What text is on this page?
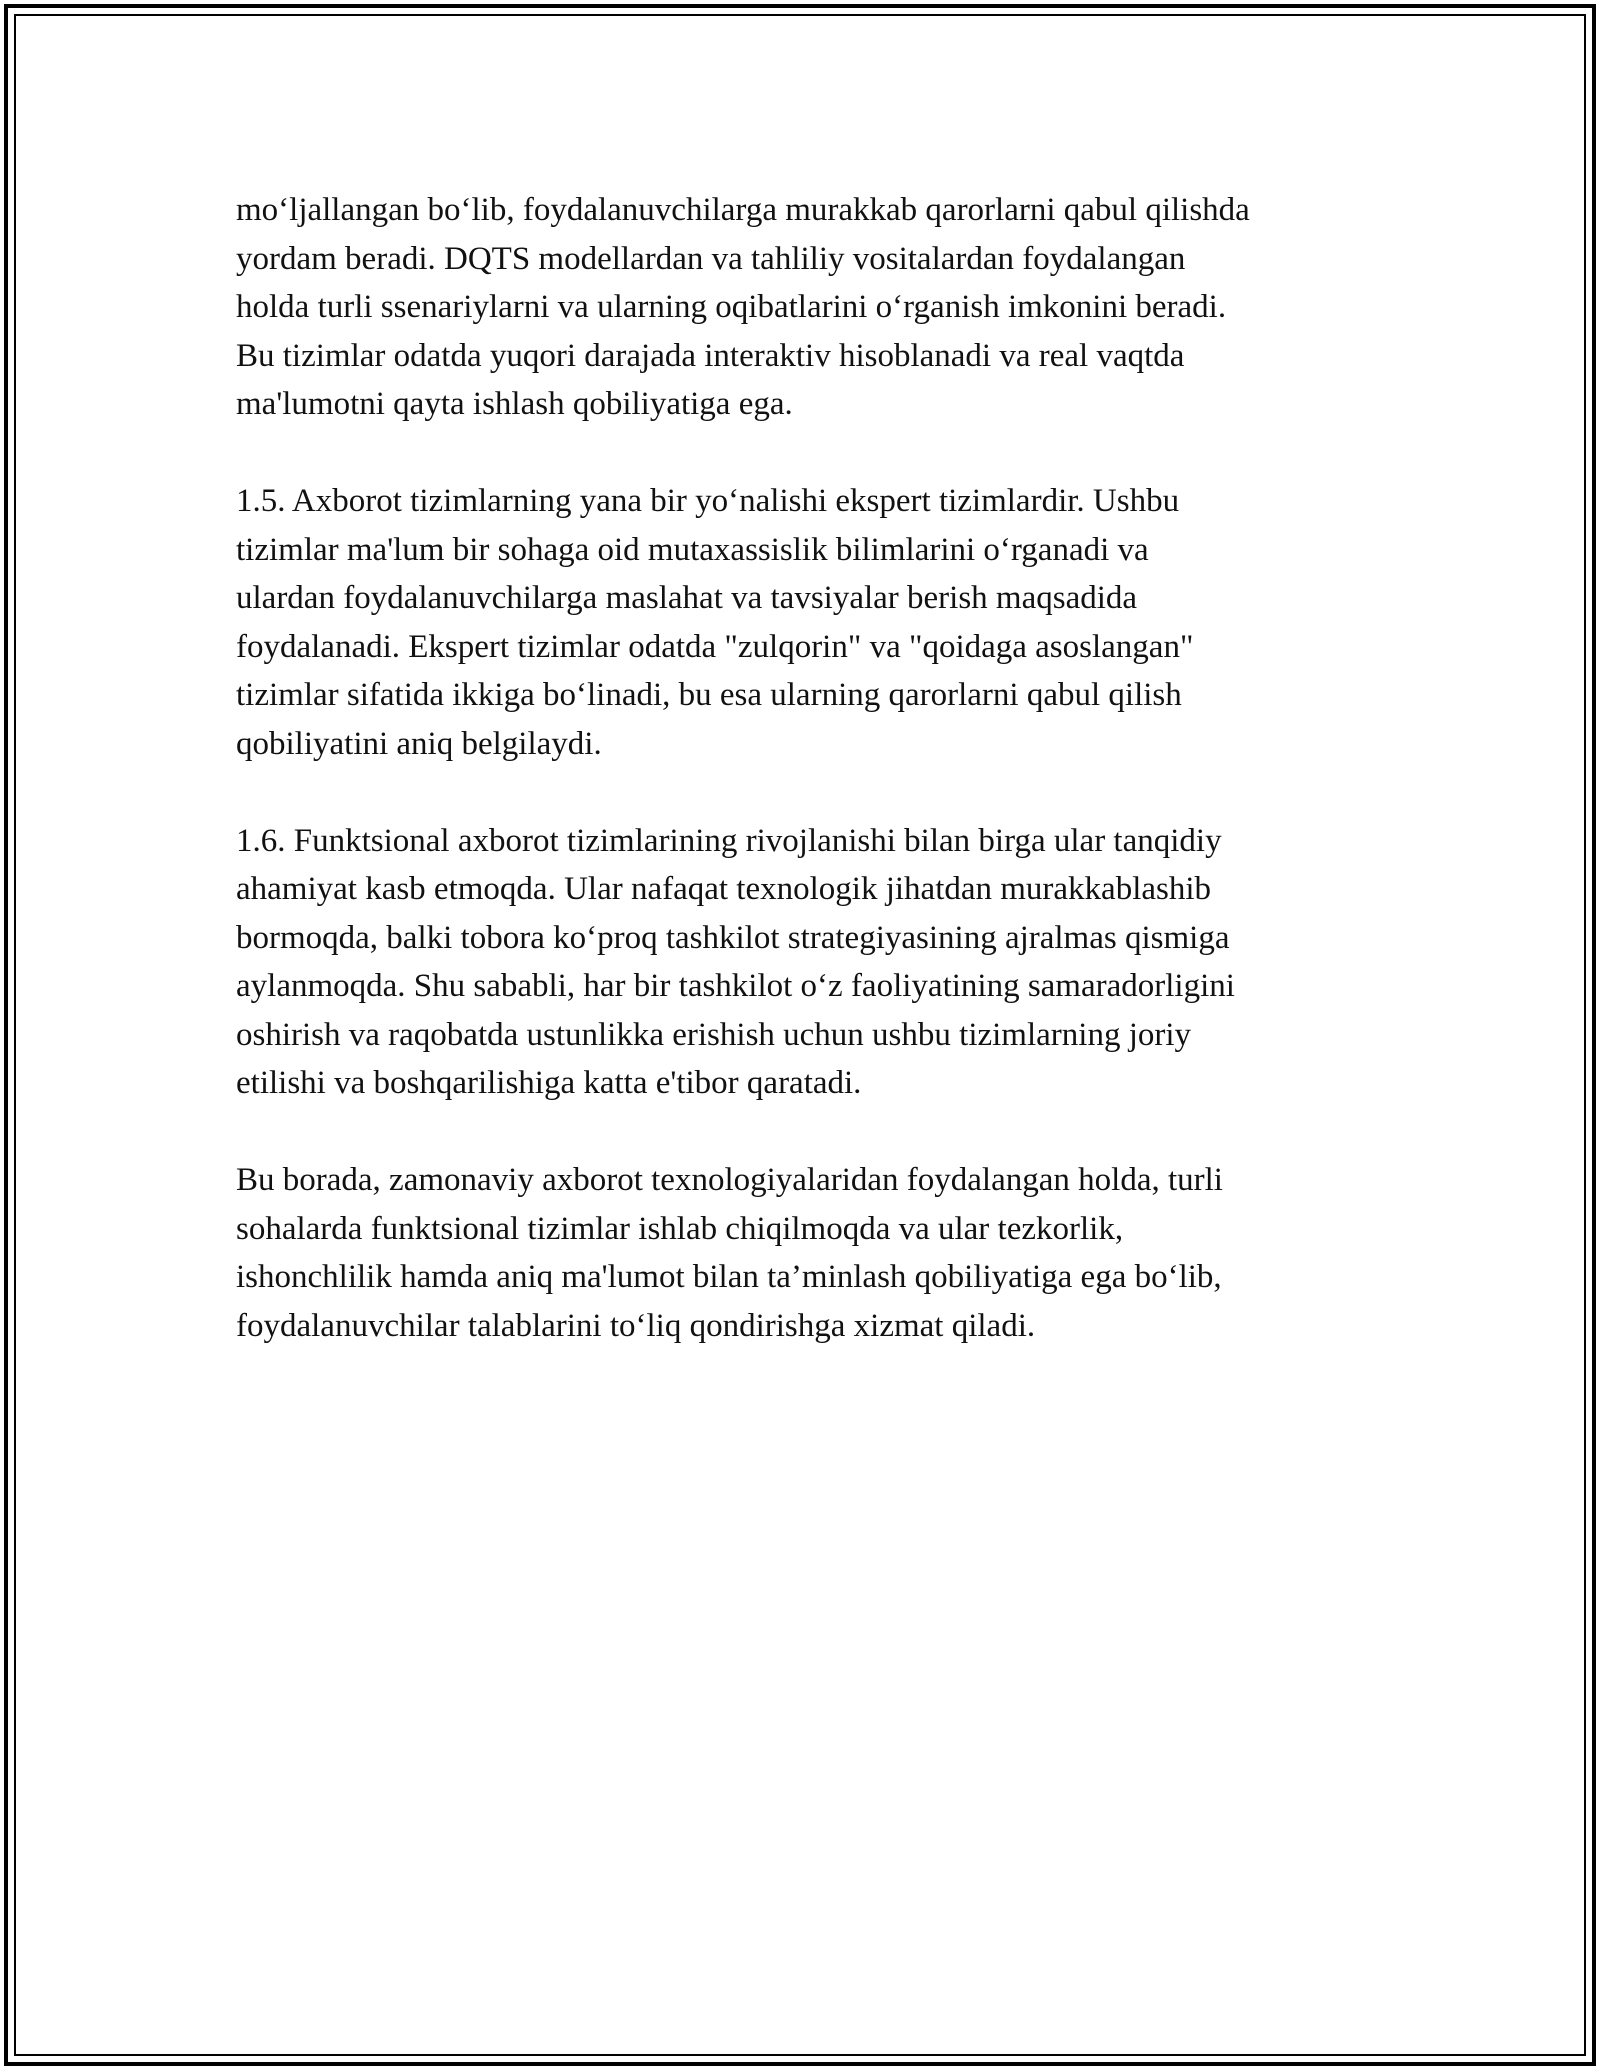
mo‘ljallangan bo‘lib, foydalanuvchilarga murakkab qarorlarni qabul qilishda
yordam beradi. DQTS modellardan va tahliliy vositalardan foydalangan
holda turli ssenariylarni va ularning oqibatlarini o‘rganish imkonini beradi.
Bu tizimlar odatda yuqori darajada interaktiv hisoblanadi va real vaqtda
ma'lumotni qayta ishlash qobiliyatiga ega.

1.5. Axborot tizimlarning yana bir yo‘nalishi ekspert tizimlardir. Ushbu
tizimlar ma'lum bir sohaga oid mutaxassislik bilimlarini o‘rganadi va
ulardan foydalanuvchilarga maslahat va tavsiyalar berish maqsadida
foydalanadi. Ekspert tizimlar odatda "zulqorin" va "qoidaga asoslangan"
tizimlar sifatida ikkiga bo‘linadi, bu esa ularning qarorlarni qabul qilish
qobiliyatini aniq belgilaydi.

1.6. Funktsional axborot tizimlarining rivojlanishi bilan birga ular tanqidiy
ahamiyat kasb etmoqda. Ular nafaqat texnologik jihatdan murakkablashib
bormoqda, balki tobora ko‘proq tashkilot strategiyasining ajralmas qismiga
aylanmoqda. Shu sababli, har bir tashkilot o‘z faoliyatining samaradorligini
oshirish va raqobatda ustunlikka erishish uchun ushbu tizimlarning joriy
etilishi va boshqarilishiga katta e'tibor qaratadi.

Bu borada, zamonaviy axborot texnologiyalaridan foydalangan holda, turli
sohalarda funktsional tizimlar ishlab chiqilmoqda va ular tezkorlik,
ishonchlilik hamda aniq ma'lumot bilan ta’minlash qobiliyatiga ega bo‘lib,
foydalanuvchilar talablarini to‘liq qondirishga xizmat qiladi.
